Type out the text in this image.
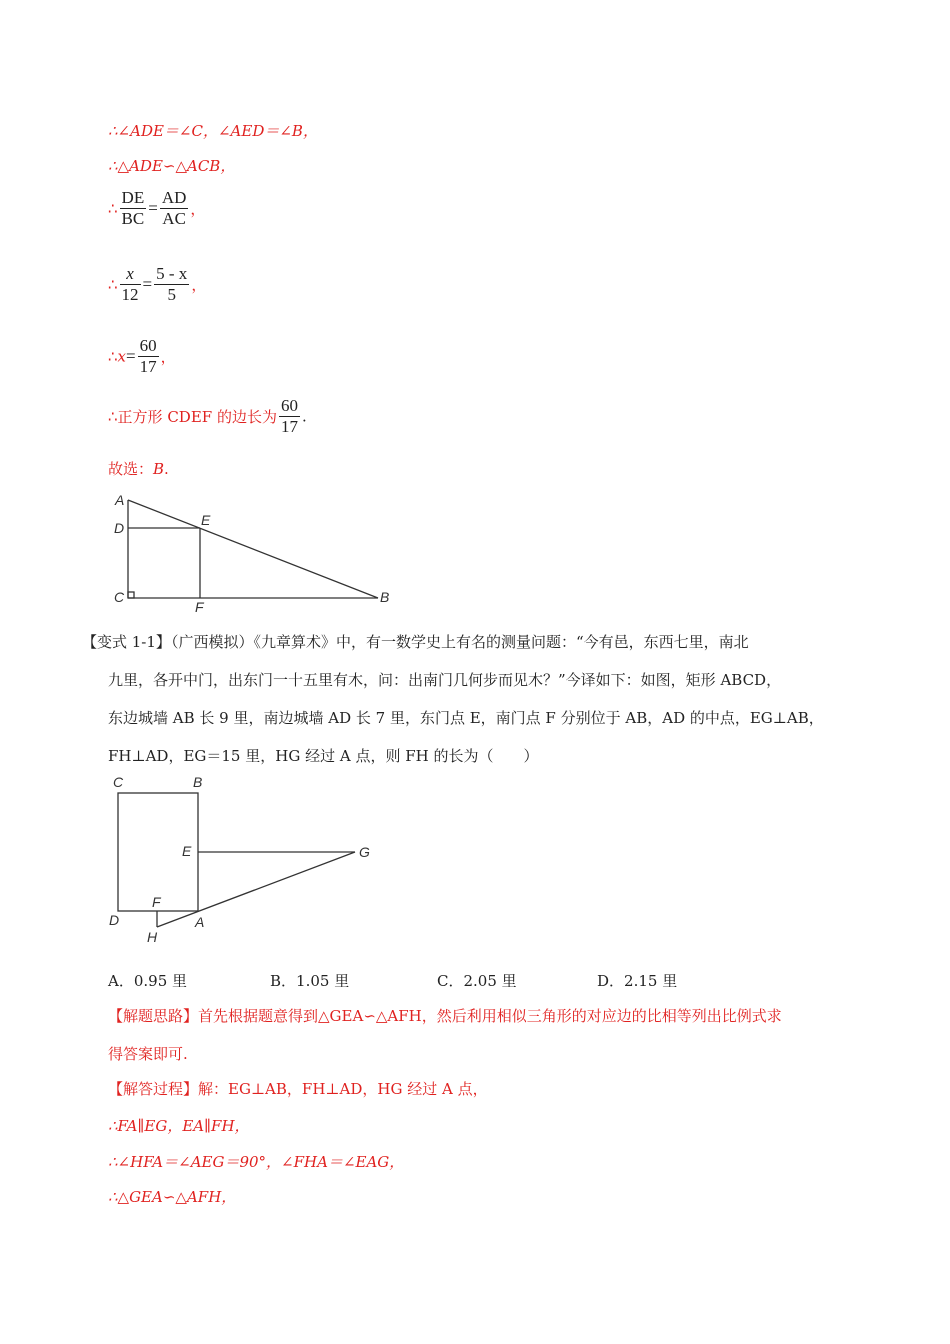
∴∠ADE＝∠C，∠AED＝∠B，
∴△ADE∽△ACB，
∴ $\frac{DE}{BC} = \frac{AD}{AC}$ ，
∴ $\frac{x}{12} = \frac{5 - x}{5}$ ，
∴x= $\frac{60}{17}$ ，
∴正方形 CDEF 的边长为 $\frac{60}{17}$ .
故选：B.
A
D	E
C
F
B
【变式 1-1】（广西模拟）《九章算术》中，有一数学史上有名的测量问题：“今有邑，东西七里，南北
九里，各开中门，出东门一十五里有木，问：出南门几何步而见木？”今译如下：如图，矩形 ABCD，
东边城墙 AB 长 9 里，南边城墙 AD 长 7 里，东门点 E，南门点 F 分别位于 AB，AD 的中点，EG⊥AB，
FH⊥AD，EG＝15 里，HG 经过 A 点，则 FH 的长为（　　）
C	B
E	G
F
D	A
H
A．0.95 里	B．1.05 里	C．2.05 里	D．2.15 里
【解题思路】首先根据题意得到△GEA∽△AFH，然后利用相似三角形的对应边的比相等列出比例式求
得答案即可.
【解答过程】解：EG⊥AB，FH⊥AD，HG 经过 A 点，
∴FA∥EG，EA∥FH，
∴∠HFA＝∠AEG＝90°，∠FHA＝∠EAG，
∴△GEA∽△AFH，
